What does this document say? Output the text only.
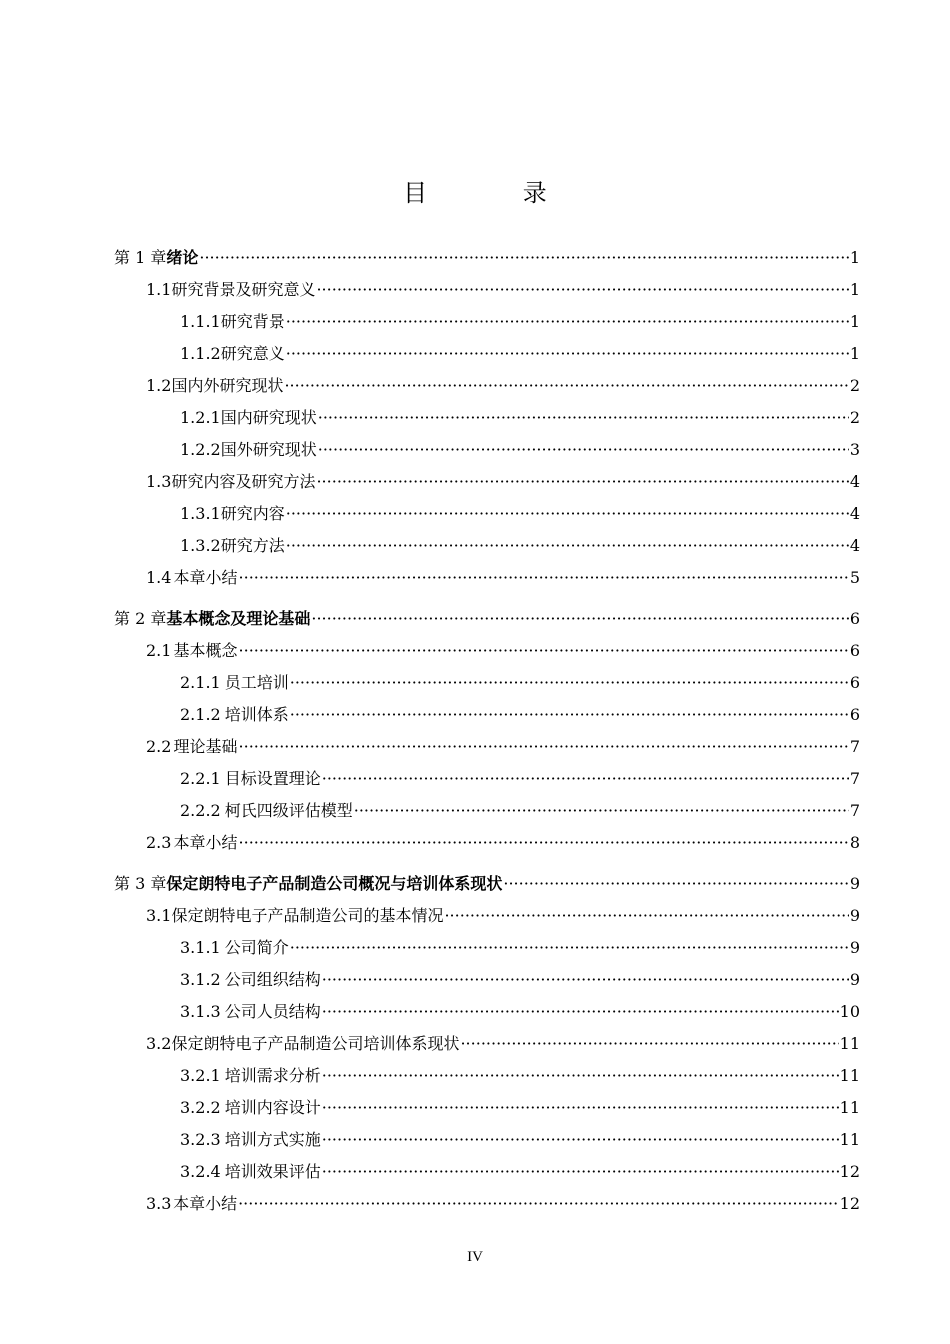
目 录
第 1 章 绪论 ·····	1
1.1 研究背景及研究意义 ·····	1
1.1.1 研究背景 ·····	1
1.1.2 研究意义 ·····	1
1.2 国内外研究现状 ·····	2
1.2.1 国内研究现状 ·····	2
1.2.2 国外研究现状 ·····	3
1.3 研究内容及研究方法 ·····	4
1.3.1 研究内容 ·····	4
1.3.2 研究方法 ·····	4
1.4 本章小结 ·····	5
第 2 章 基本概念及理论基础 ·····	6
2.1 基本概念 ·····	6
2.1.1 员工培训 ·····	6
2.1.2 培训体系 ·····	6
2.2 理论基础 ·····	7
2.2.1 目标设置理论 ·····	7
2.2.2 柯氏四级评估模型 ·····	7
2.3 本章小结 ·····	8
第 3 章 保定朗特电子产品制造公司概况与培训体系现状 ·····	9
3.1 保定朗特电子产品制造公司的基本情况 ·····	9
3.1.1 公司简介 ·····	9
3.1.2 公司组织结构 ·····	9
3.1.3 公司人员结构 ·····	10
3.2 保定朗特电子产品制造公司培训体系现状 ·····	11
3.2.1 培训需求分析 ·····	11
3.2.2 培训内容设计 ·····	11
3.2.3 培训方式实施 ·····	11
3.2.4 培训效果评估 ·····	12
3.3 本章小结 ·····	12
IV
